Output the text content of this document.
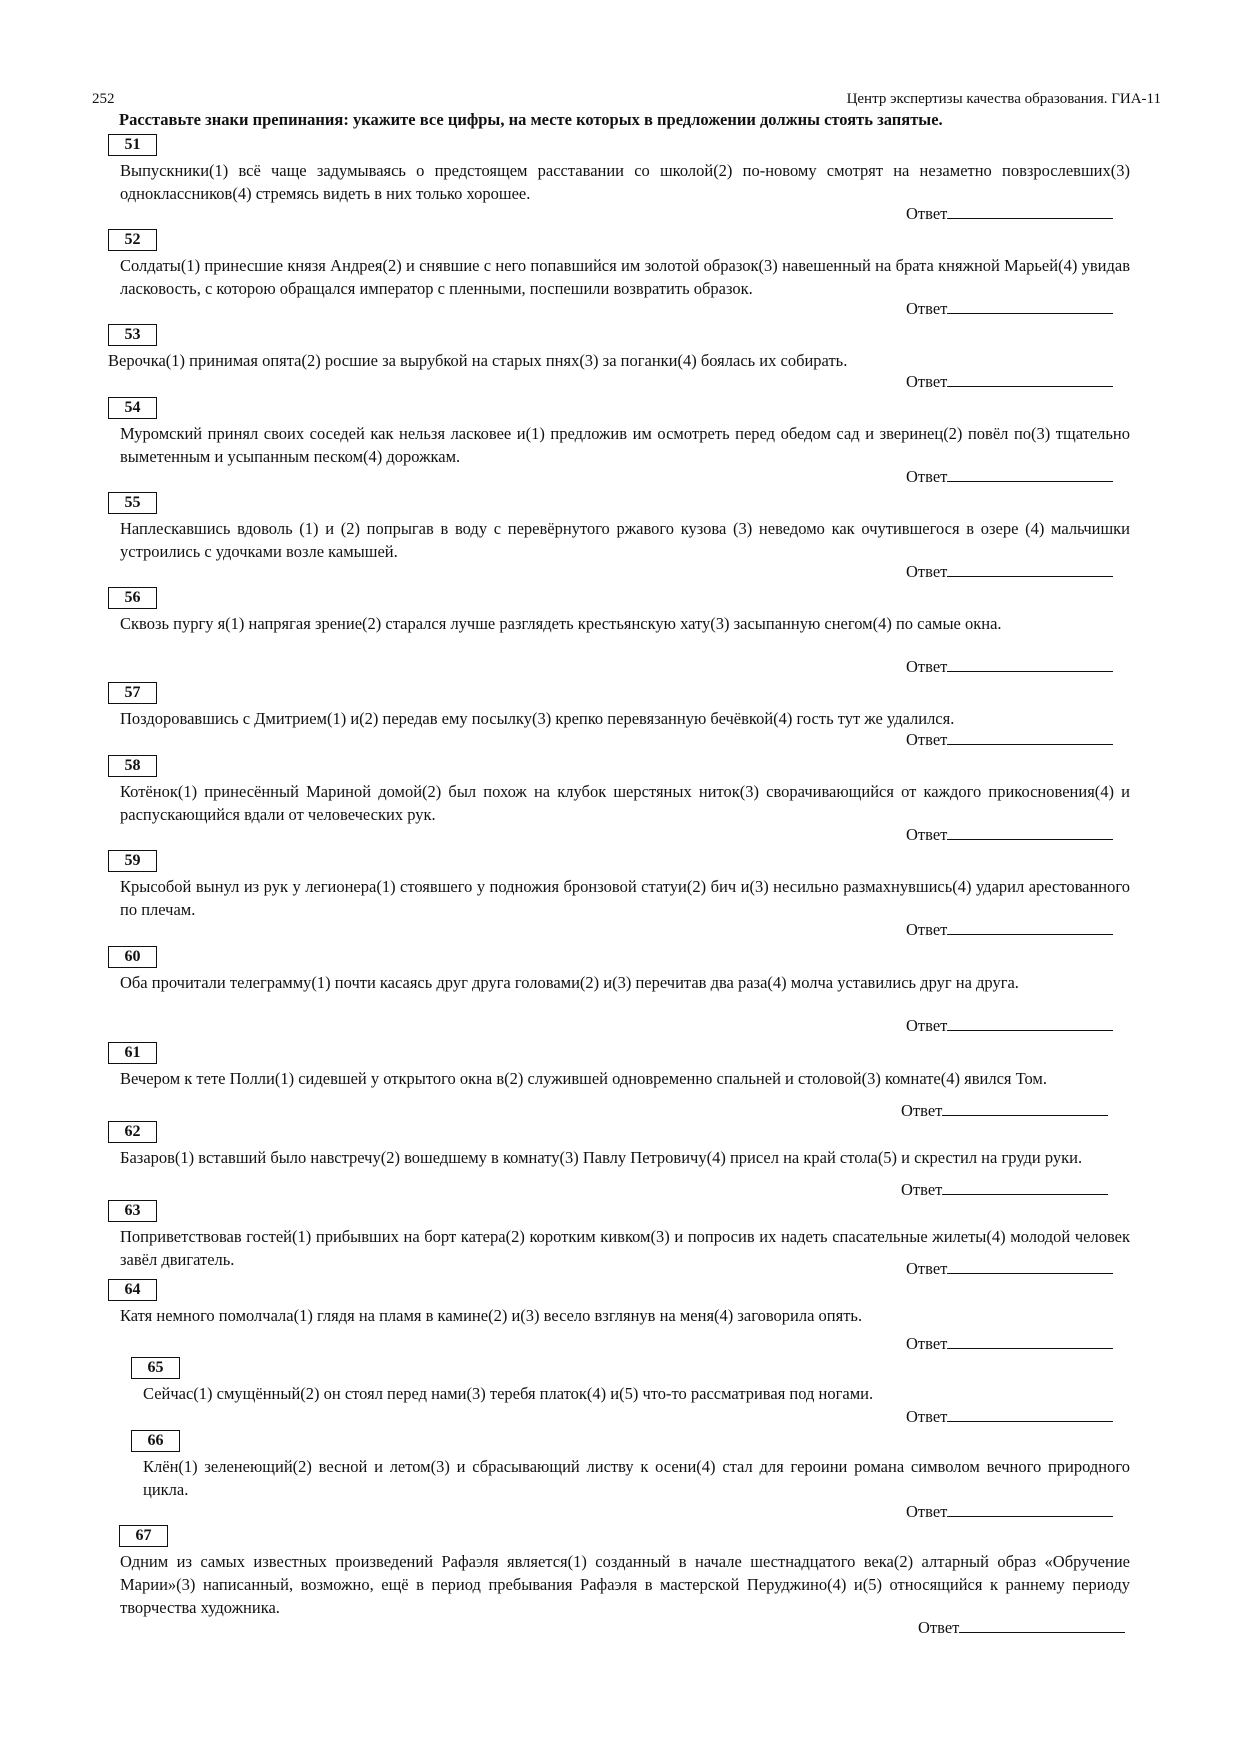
252	Центр экспертизы качества образования. ГИА-11

Расставьте знаки препинания: укажите все цифры, на месте которых в предложении должны стоять запятые.

51

Выпускники(1) всё чаще задумываясь о предстоящем расставании со школой(2) по-новому смотрят на незаметно повзрослевших(3) одноклассников(4) стремясь видеть в них только хорошее.

Ответ
52

Солдаты(1) принесшие князя Андрея(2) и снявшие с него попавшийся им золотой образок(3) навешенный на брата княжной Марьей(4) увидав ласковость, с которою обращался император с пленными, поспешили возвратить образок.

Ответ
53

Верочка(1) принимая опята(2) росшие за вырубкой на старых пнях(3) за поганки(4) боялась их собирать.

Ответ
54

Муромский принял своих соседей как нельзя ласковее и(1) предложив им осмотреть перед обедом сад и зверинец(2) повёл по(3) тщательно выметенным и усыпанным песком(4) дорожкам.

Ответ
55

Наплескавшись вдоволь (1) и (2) попрыгав в воду с перевёрнутого ржавого кузова (3) неведомо как очутившегося в озере (4) мальчишки устроились с удочками возле камышей.

Ответ
56

Сквозь пургу я(1) напрягая зрение(2) старался лучше разглядеть крестьянскую хату(3) засыпанную снегом(4) по самые окна.

Ответ
57

Поздоровавшись с Дмитрием(1) и(2) передав ему посылку(3) крепко перевязанную бечёвкой(4) гость тут же удалился.

Ответ
58

Котёнок(1) принесённый Мариной домой(2) был похож на клубок шерстяных ниток(3) сворачивающийся от каждого прикосновения(4) и распускающийся вдали от человеческих рук.

Ответ
59

Крысобой вынул из рук у легионера(1) стоявшего у подножия бронзовой статуи(2) бич и(3) несильно размахнувшись(4) ударил арестованного по плечам.

Ответ
60

Оба прочитали телеграмму(1) почти касаясь друг друга головами(2) и(3) перечитав два раза(4) молча уставились друг на друга.

Ответ
61

Вечером к тете Полли(1) сидевшей у открытого окна в(2) служившей одновременно спальней и столовой(3) комнате(4) явился Том.

Ответ
62

Базаров(1) вставший было навстречу(2) вошедшему в комнату(3) Павлу Петровичу(4) присел на край стола(5) и скрестил на груди руки.

Ответ
63

Поприветствовав гостей(1) прибывших на борт катера(2) коротким кивком(3) и попросив их надеть спасательные жилеты(4) молодой человек завёл двигатель.	Ответ
64

Катя немного помолчала(1) глядя на пламя в камине(2) и(3) весело взглянув на меня(4) заговорила опять.

Ответ
65

Сейчас(1) смущённый(2) он стоял перед нами(3) теребя платок(4) и(5) что-то рассматривая под ногами.

Ответ
66

Клён(1) зеленеющий(2) весной и летом(3) и сбрасывающий листву к осени(4) стал для героини романа символом вечного природного цикла.

Ответ
67

Одним из самых известных произведений Рафаэля является(1) созданный в начале шестнадцатого века(2) алтарный образ «Обручение Марии»(3) написанный, возможно, ещё в период пребывания Рафаэля в мастерской Перуджино(4) и(5) относящийся к раннему периоду творчества художника.

Ответ
